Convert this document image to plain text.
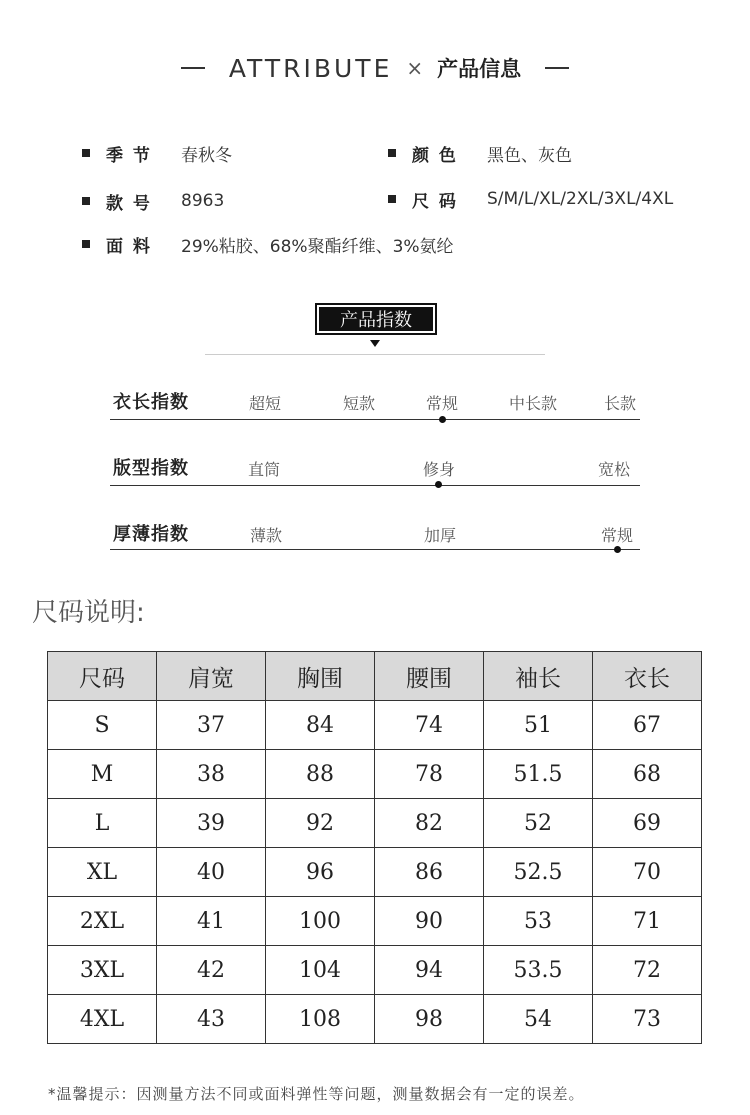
ATTRIBUTE × 产品信息
季 节	春秋冬	颜 色	黑色、灰色
款 号	8963	尺 码	S/M/L/XL/2XL/3XL/4XL
面 料	29%粘胶、68%聚酯纤维、3%氨纶
产品指数
衣长指数	超短	短款	常规	中长款	长款
版型指数	直筒	修身	宽松
厚薄指数	薄款	加厚	常规
尺码说明:
尺码	肩宽	胸围	腰围	袖长	衣长
S	37	84	74	51	67
M	38	88	78	51.5	68
L	39	92	82	52	69
XL	40	96	86	52.5	70
2XL	41	100	90	53	71
3XL	42	104	94	53.5	72
4XL	43	108	98	54	73
*温馨提示：因测量方法不同或面料弹性等问题，测量数据会有一定的误差。
